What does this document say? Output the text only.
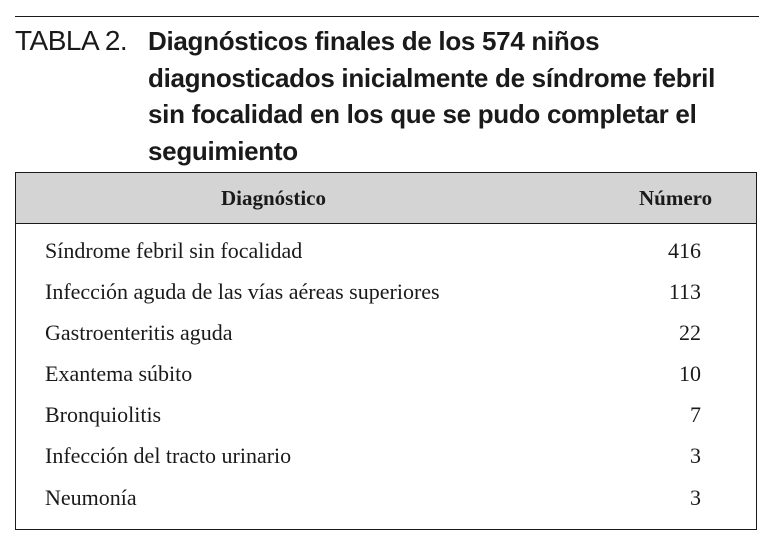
TABLA 2. Diagnósticos finales de los 574 niños diagnosticados inicialmente de síndrome febril sin focalidad en los que se pudo completar el seguimiento
Diagnóstico	Número
Síndrome febril sin focalidad	416
Infección aguda de las vías aéreas superiores	113
Gastroenteritis aguda	22
Exantema súbito	10
Bronquiolitis	7
Infección del tracto urinario	3
Neumonía	3
